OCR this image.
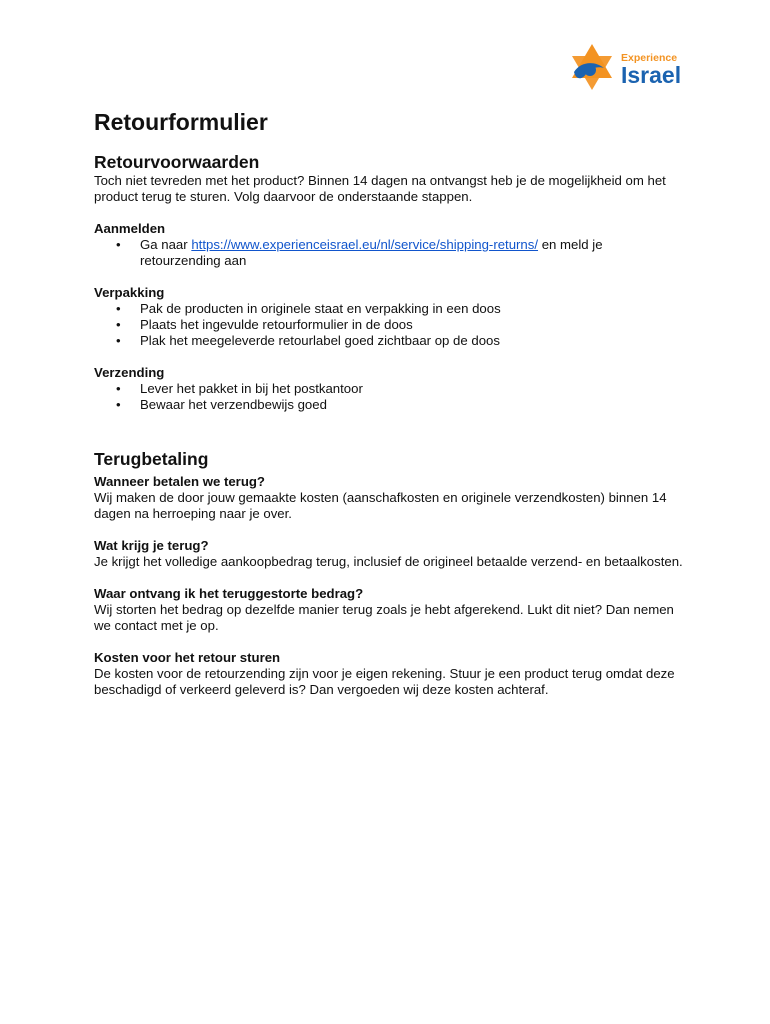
Experience
Israel
Retourformulier
Retourvoorwaarden

Toch niet tevreden met het product? Binnen 14 dagen na ontvangst heb je de mogelijkheid om het product terug te sturen. Volg daarvoor de onderstaande stappen.

Aanmelden
• Ga naar https://www.experienceisrael.eu/nl/service/shipping-returns/ en meld je retourzending aan
Verpakking
• Pak de producten in originele staat en verpakking in een doos
• Plaats het ingevulde retourformulier in de doos
• Plak het meegeleverde retourlabel goed zichtbaar op de doos
Verzending
• Lever het pakket in bij het postkantoor
• Bewaar het verzendbewijs goed
Terugbetaling
Wanneer betalen we terug?

Wij maken de door jouw gemaakte kosten (aanschafkosten en originele verzendkosten) binnen 14 dagen na herroeping naar je over.

Wat krijg je terug?

Je krijgt het volledige aankoopbedrag terug, inclusief de origineel betaalde verzend- en betaalkosten.

Waar ontvang ik het teruggestorte bedrag?

Wij storten het bedrag op dezelfde manier terug zoals je hebt afgerekend. Lukt dit niet? Dan nemen we contact met je op.

Kosten voor het retour sturen

De kosten voor de retourzending zijn voor je eigen rekening. Stuur je een product terug omdat deze beschadigd of verkeerd geleverd is? Dan vergoeden wij deze kosten achteraf.
